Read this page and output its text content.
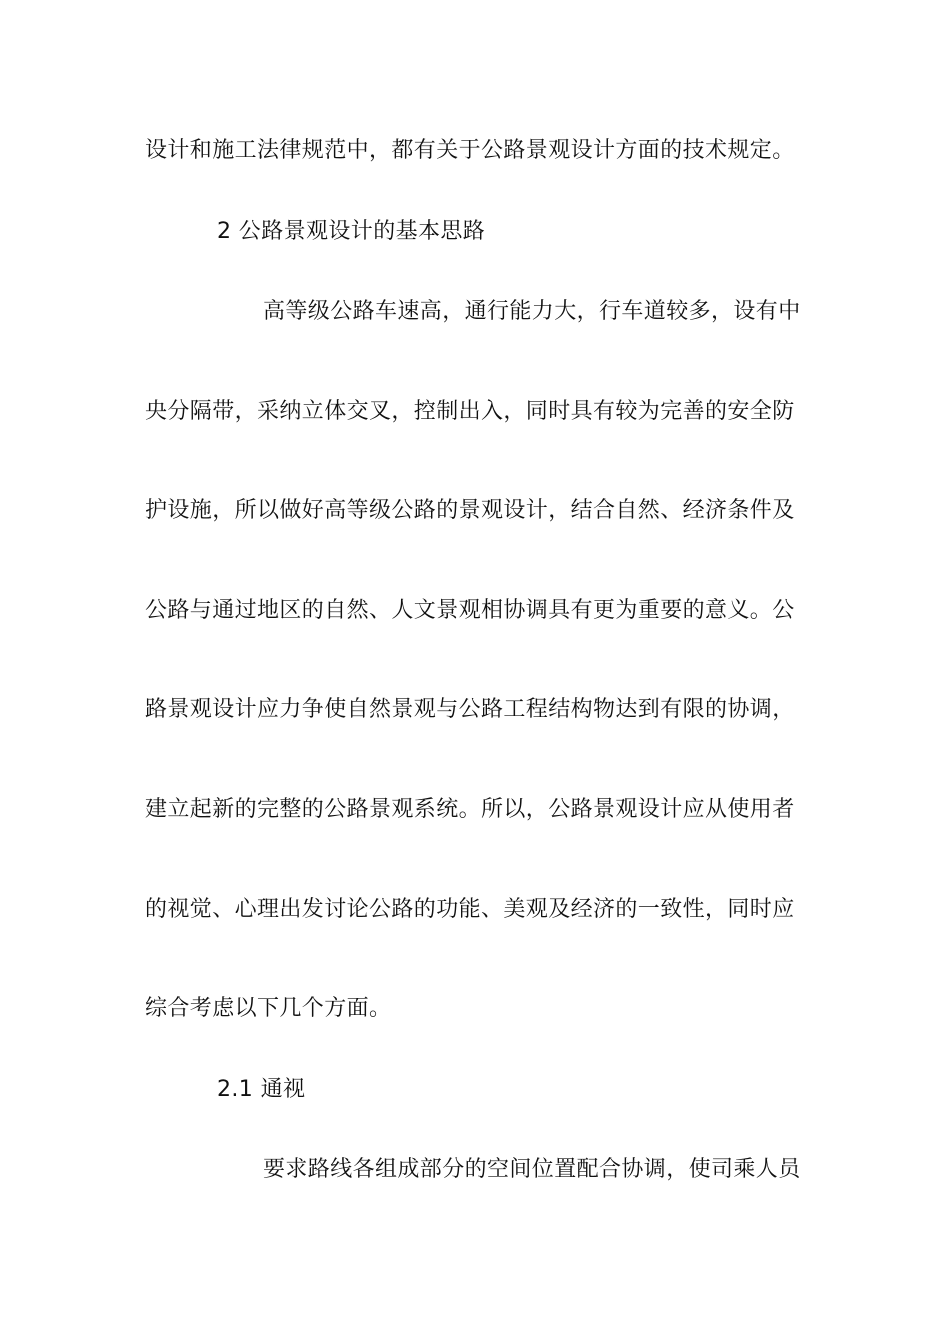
设计和施工法律规范中，都有关于公路景观设计方面的技术规定。
2 公路景观设计的基本思路
高等级公路车速高，通行能力大，行车道较多，设有中
央分隔带，采纳立体交叉，控制出入，同时具有较为完善的安全防
护设施，所以做好高等级公路的景观设计，结合自然、经济条件及
公路与通过地区的自然、人文景观相协调具有更为重要的意义。公
路景观设计应力争使自然景观与公路工程结构物达到有限的协调，
建立起新的完整的公路景观系统。所以，公路景观设计应从使用者
的视觉、心理出发讨论公路的功能、美观及经济的一致性，同时应
综合考虑以下几个方面。
2.1 通视
要求路线各组成部分的空间位置配合协调，使司乘人员
